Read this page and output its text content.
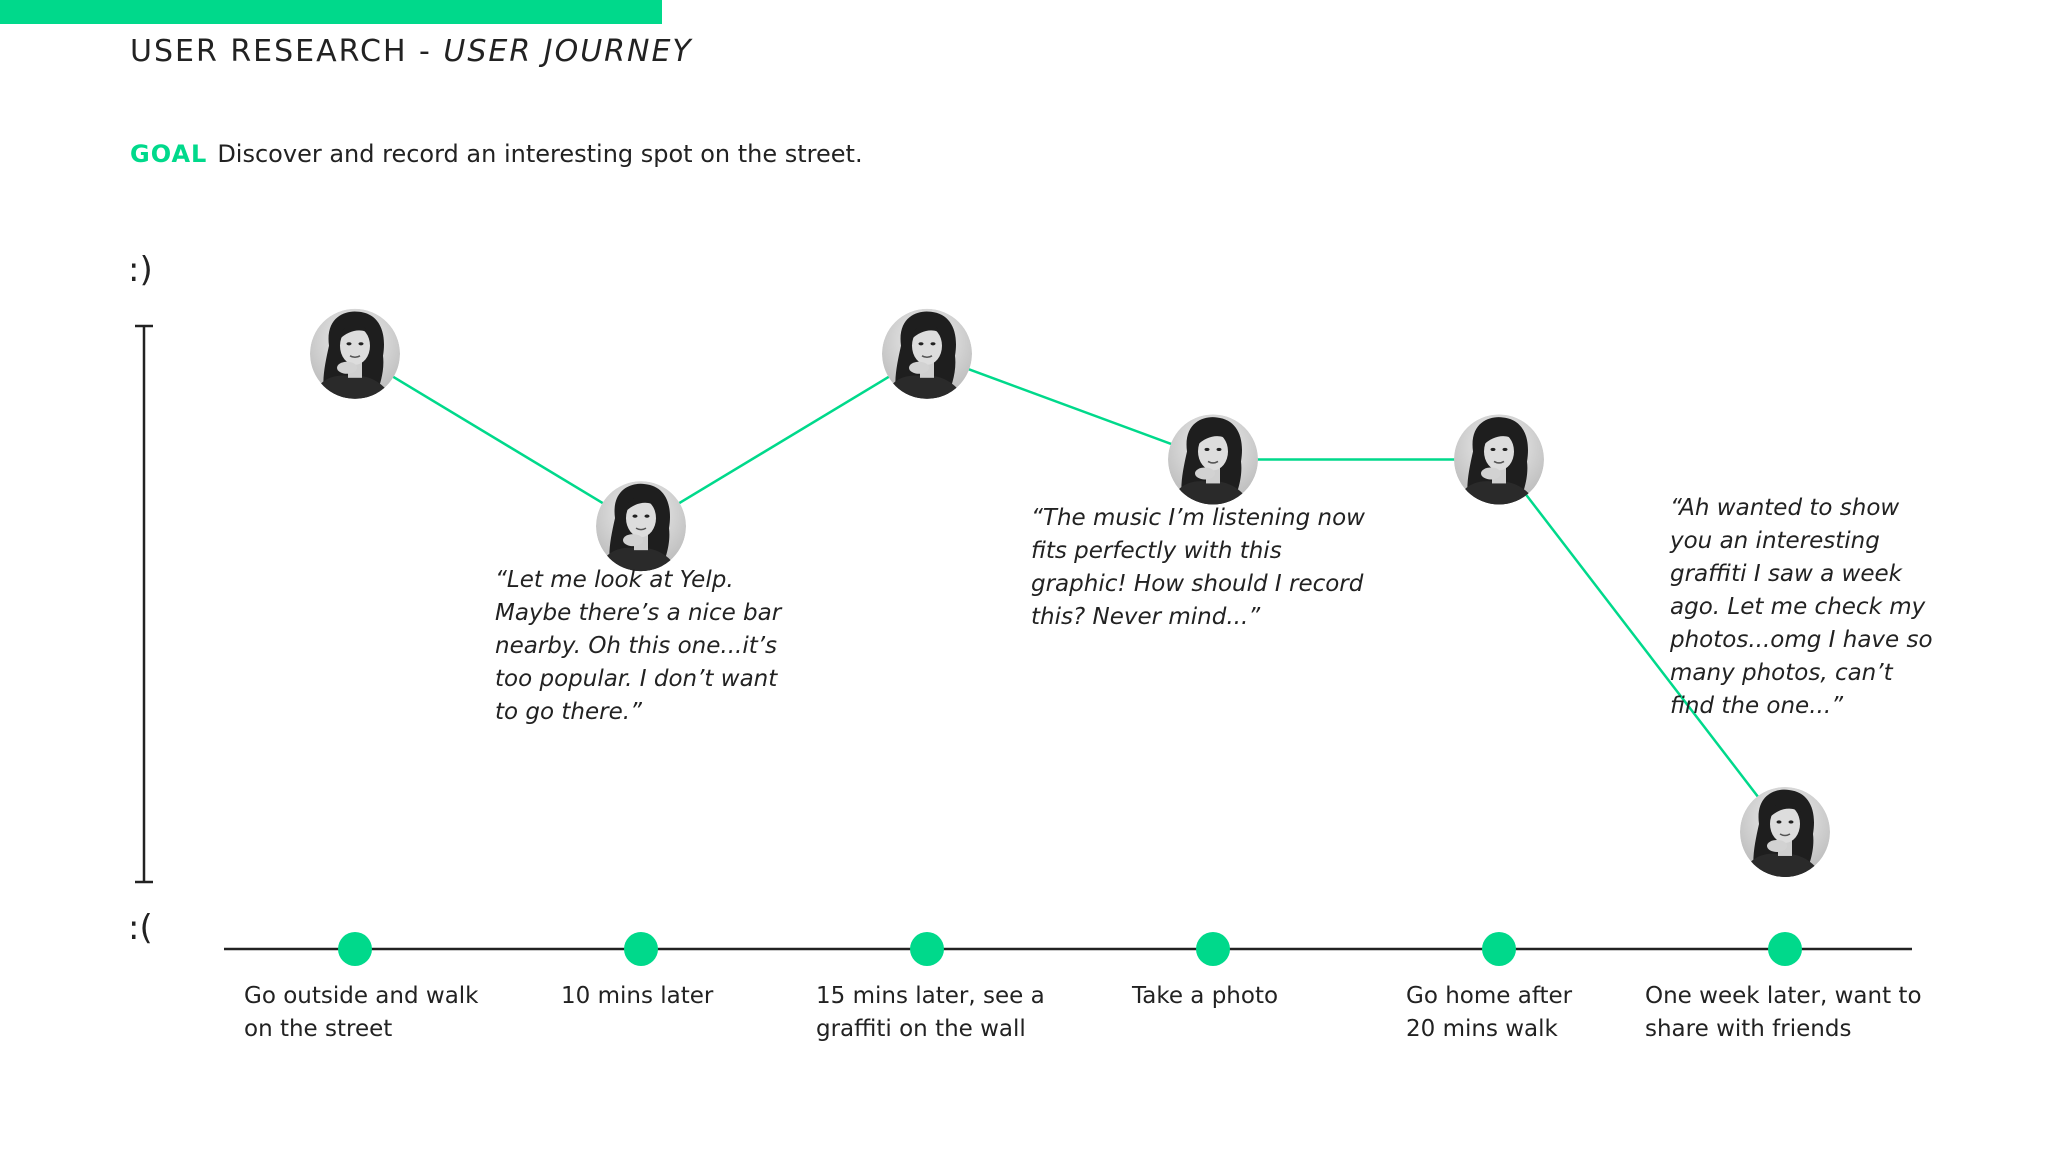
USER RESEARCH - USER JOURNEY
GOAL Discover and record an interesting spot on the street.
:)
:(
“Let me look at Yelp.
Maybe there’s a nice bar
nearby. Oh this one...it’s
too popular. I don’t want
to go there.”
“The music I’m listening now
fits perfectly with this
graphic! How should I record
this? Never mind...”
“Ah wanted to show
you an interesting
graffiti I saw a week
ago. Let me check my
photos...omg I have so
many photos, can’t
find the one...”
Go outside and walk
on the street
10 mins later	15 mins later, see a
graffiti on the wall
Take a photo	Go home after
20 mins walk
One week later, want to
share with friends
